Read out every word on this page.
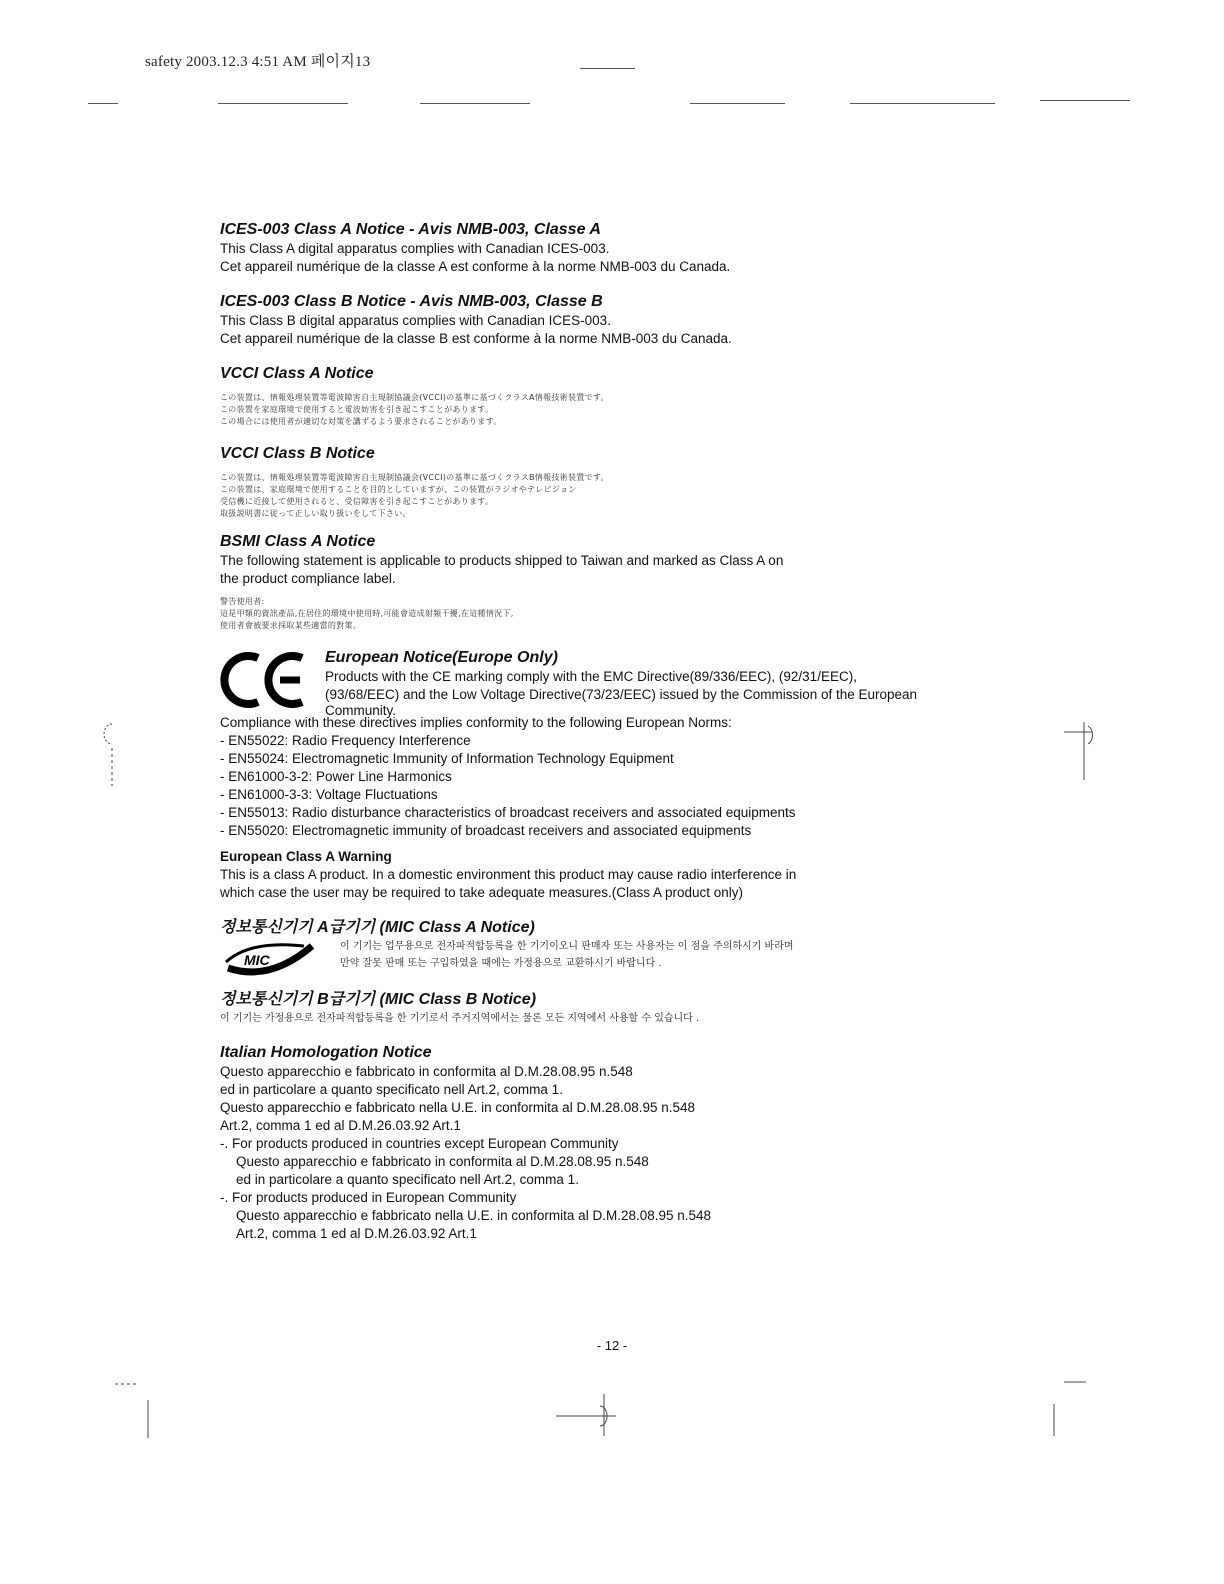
safety 2003.12.3 4:51 AM 페이지13
ICES-003 Class A Notice - Avis NMB-003, Classe A

This Class A digital apparatus complies with Canadian ICES-003.

Cet appareil numérique de la classe A est conforme à la norme NMB-003 du Canada.

ICES-003 Class B Notice - Avis NMB-003, Classe B

This Class B digital apparatus complies with Canadian ICES-003.

Cet appareil numérique de la classe B est conforme à la norme NMB-003 du Canada.

VCCI Class A Notice
この装置は、情報処理装置等電波障害自主規制協議会(VCCI)の基準に基づくクラスA情報技術装置です。
この装置を家庭環境で使用すると電波妨害を引き起こすことがあります。
この場合には使用者が適切な対策を講ずるよう要求されることがあります。
VCCI Class B Notice
この装置は、情報処理装置等電波障害自主規制協議会(VCCI)の基準に基づくクラスB情報技術装置です。
この装置は、家庭環境で使用することを目的としていますが、この装置がラジオやテレビジョン
受信機に近接して使用されると、受信障害を引き起こすことがあります。
取扱説明書に従って正しい取り扱いをして下さい。
BSMI Class A Notice

The following statement is applicable to products shipped to Taiwan and marked as Class A on

the product compliance label.

警告使用者:
這是甲類的資訊產品,在居住的環境中使用時,可能會造成射頻干擾,在這種情況下,
使用者會被要求採取某些適當的對策。
European Notice(Europe Only)

Products with the CE marking comply with the EMC Directive(89/336/EEC), (92/31/EEC),

(93/68/EEC) and the Low Voltage Directive(73/23/EEC) issued by the Commission of the European

Community.

Compliance with these directives implies conformity to the following European Norms:

- EN55022: Radio Frequency Interference

- EN55024: Electromagnetic Immunity of Information Technology Equipment

- EN61000-3-2: Power Line Harmonics

- EN61000-3-3: Voltage Fluctuations

- EN55013: Radio disturbance characteristics of broadcast receivers and associated equipments

- EN55020: Electromagnetic immunity of broadcast receivers and associated equipments

European Class A Warning

This is a class A product. In a domestic environment this product may cause radio interference in

which case the user may be required to take adequate measures.(Class A product only)

정보통신기기 A급기기 (MIC Class A Notice)
MIC
이 기기는 업무용으로 전자파적합등록을 한 기기이오니 판매자 또는 사용자는 이 점을 주의하시기 바라며
만약 잘못 판매 또는 구입하였을 때에는 가정용으로 교환하시기 바랍니다 .
정보통신기기 B급기기 (MIC Class B Notice)
이 기기는 가정용으로 전자파적합등록을 한 기기로서 주거지역에서는 물론 모든 지역에서 사용할 수 있습니다 .
Italian Homologation Notice

Questo apparecchio e fabbricato in conformita al D.M.28.08.95 n.548

ed in particolare a quanto specificato nell Art.2, comma 1.

Questo apparecchio e fabbricato nella U.E. in conformita al D.M.28.08.95 n.548

Art.2, comma 1 ed al D.M.26.03.92 Art.1

-. For products produced in countries except European Community

Questo apparecchio e fabbricato in conformita al D.M.28.08.95 n.548

ed in particolare a quanto specificato nell Art.2, comma 1.

-. For products produced in European Community

Questo apparecchio e fabbricato nella U.E. in conformita al D.M.28.08.95 n.548

Art.2, comma 1 ed al D.M.26.03.92 Art.1

- 12 -
